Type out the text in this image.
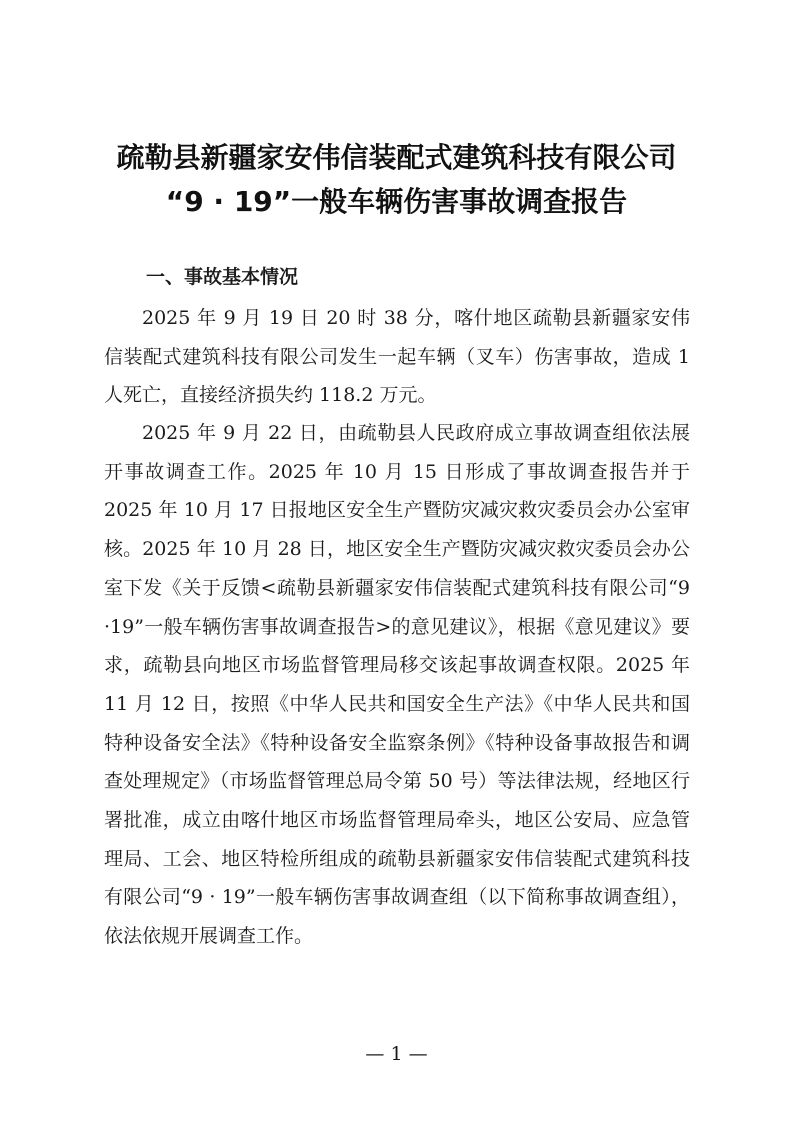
疏勒县新疆家安伟信装配式建筑科技有限公司

“9 · 19”一般车辆伤害事故调查报告

一、事故基本情况

2025 年 9 月 19 日 20 时 38 分，喀什地区疏勒县新疆家安伟信装配式建筑科技有限公司发生一起车辆（叉车）伤害事故，造成 1 人死亡，直接经济损失约 118.2 万元。

2025 年 9 月 22 日，由疏勒县人民政府成立事故调查组依法展开事故调查工作。2025 年 10 月 15 日形成了事故调查报告并于 2025 年 10 月 17 日报地区安全生产暨防灾减灾救灾委员会办公室审核。2025 年 10 月 28 日，地区安全生产暨防灾减灾救灾委员会办公室下发《关于反馈<疏勒县新疆家安伟信装配式建筑科技有限公司“9 ·19”一般车辆伤害事故调查报告>的意见建议》，根据《意见建议》要求，疏勒县向地区市场监督管理局移交该起事故调查权限。2025 年 11 月 12 日，按照《中华人民共和国安全生产法》《中华人民共和国特种设备安全法》《特种设备安全监察条例》《特种设备事故报告和调查处理规定》（市场监督管理总局令第 50 号）等法律法规，经地区行署批准，成立由喀什地区市场监督管理局牵头，地区公安局、应急管理局、工会、地区特检所组成的疏勒县新疆家安伟信装配式建筑科技有限公司“9 · 19”一般车辆伤害事故调查组（以下简称事故调查组），依法依规开展调查工作。

— 1 —
